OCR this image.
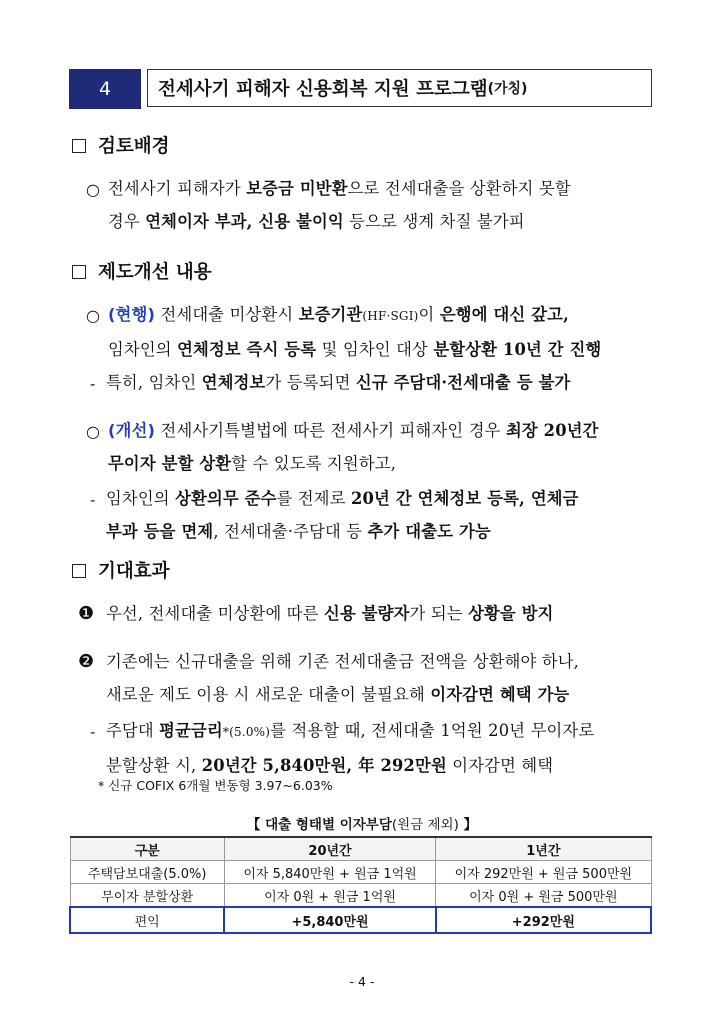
4	전세사기 피해자 신용회복 지원 프로그램 (가칭)
검토배경
○ 전세사기 피해자가 보증금 미반환으로 전세대출을 상환하지 못할
경우 연체이자 부과, 신용 불이익 등으로 생계 차질 불가피
제도개선 내용
○ (현행) 전세대출 미상환시 보증기관(HF·SGI)이 은행에 대신 갚고,
임차인의 연체정보 즉시 등록 및 임차인 대상 분할상환 10년 간 진행
- 특히, 임차인 연체정보가 등록되면 신규 주담대·전세대출 등 불가
○ (개선) 전세사기특별법에 따른 전세사기 피해자인 경우 최장 20년간
무이자 분할 상환할 수 있도록 지원하고,
- 임차인의 상환의무 준수를 전제로 20년 간 연체정보 등록, 연체금
부과 등을 면제, 전세대출·주담대 등 추가 대출도 가능
기대효과
❶ 우선, 전세대출 미상환에 따른 신용 불량자가 되는 상황을 방지
❷ 기존에는 신규대출을 위해 기존 전세대출금 전액을 상환해야 하나,
새로운 제도 이용 시 새로운 대출이 불필요해 이자감면 혜택 가능
- 주담대 평균금리*(5.0%)를 적용할 때, 전세대출 1억원 20년 무이자로
분할상환 시, 20년간 5,840만원, 年 292만원 이자감면 혜택
* 신규 COFIX 6개월 변동형 3.97~6.03%
【 대출 형태별 이자부담(원금 제외) 】
구분	20년간	1년간
주택담보대출(5.0%)	이자 5,840만원 + 원금 1억원	이자 292만원 + 원금 500만원
무이자 분할상환	이자 0원 + 원금 1억원	이자 0원 + 원금 500만원
편익	+5,840만원	+292만원
- 4 -
